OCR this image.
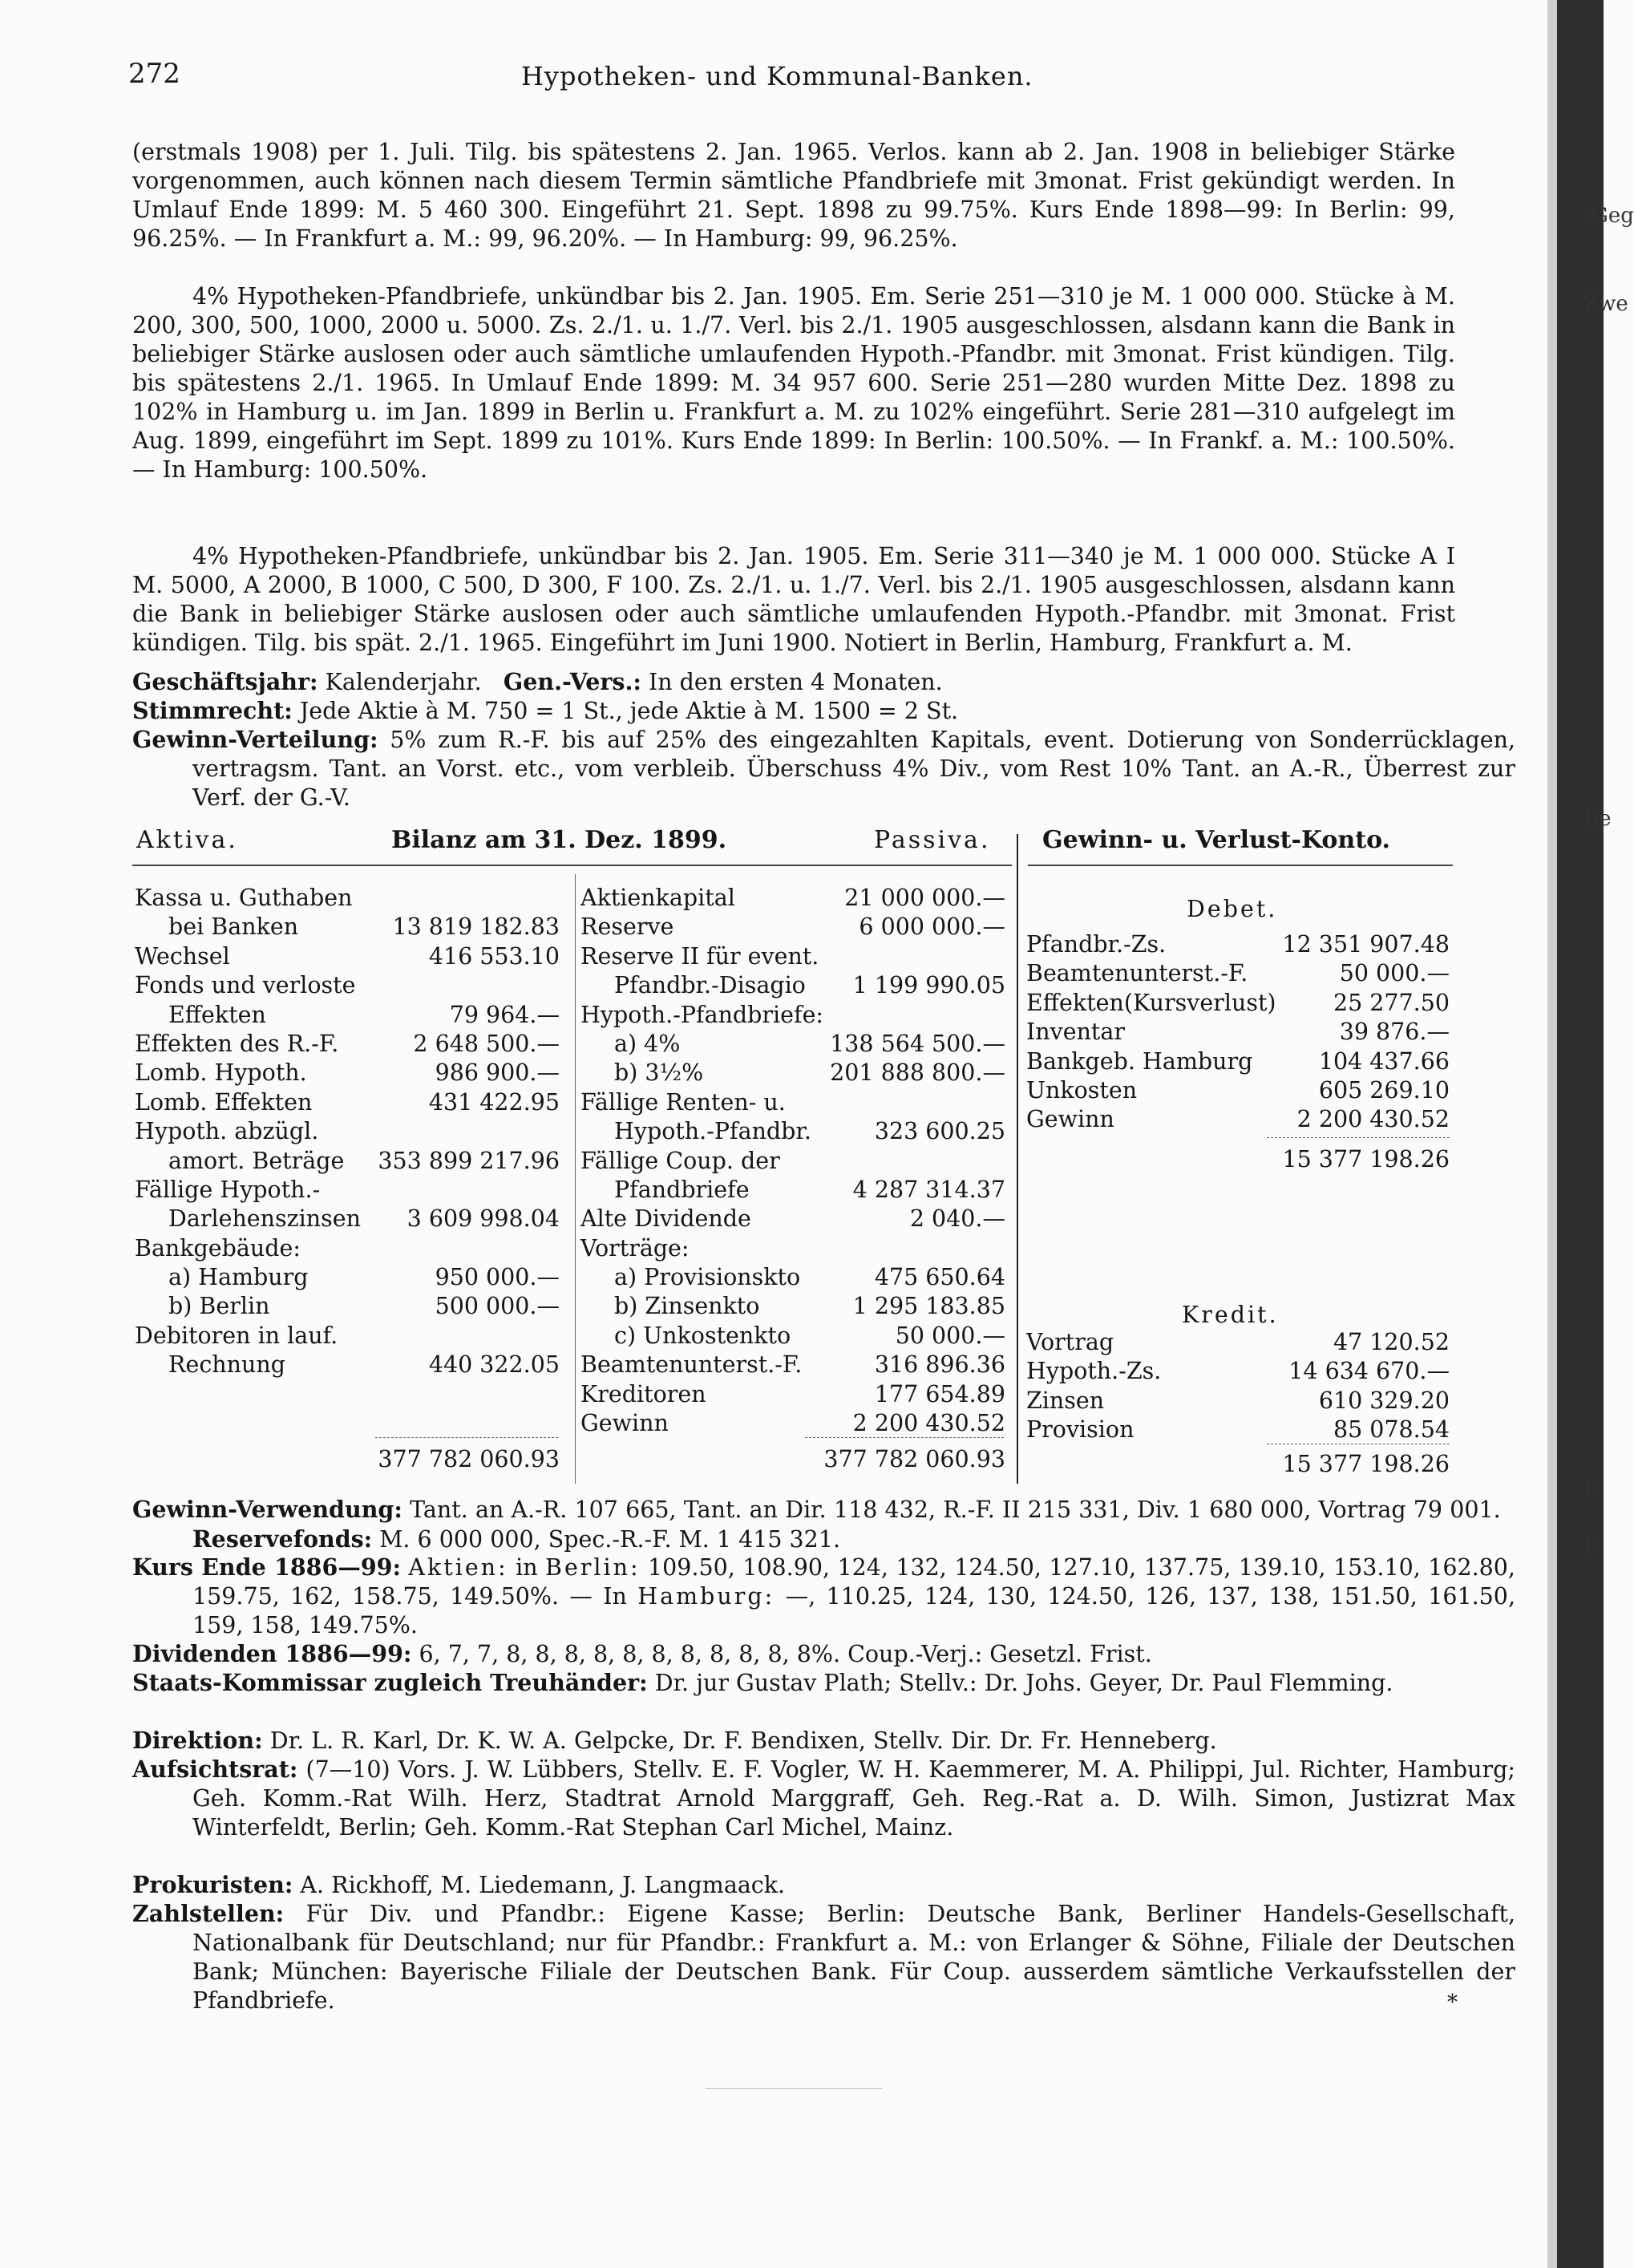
(Geg
Zwe
Be
K
P
272	Hypotheken- und Kommunal-Banken.
(erstmals 1908) per 1. Juli. Tilg. bis spätestens 2. Jan. 1965. Verlos. kann ab 2. Jan. 1908 in beliebiger Stärke vorgenommen, auch können nach diesem Termin sämtliche Pfandbriefe mit 3monat. Frist gekündigt werden. In Umlauf Ende 1899: M. 5 460 300. Eingeführt 21. Sept. 1898 zu 99.75%. Kurs Ende 1898—99: In Berlin: 99, 96.25%. — In Frankfurt a. M.: 99, 96.20%. — In Hamburg: 99, 96.25%.
4% Hypotheken-Pfandbriefe, unkündbar bis 2. Jan. 1905. Em. Serie 251—310 je M. 1 000 000. Stücke à M. 200, 300, 500, 1000, 2000 u. 5000. Zs. 2./1. u. 1./7. Verl. bis 2./1. 1905 ausgeschlossen, alsdann kann die Bank in beliebiger Stärke auslosen oder auch sämtliche umlaufenden Hypoth.-Pfandbr. mit 3monat. Frist kündigen. Tilg. bis spätestens 2./1. 1965. In Umlauf Ende 1899: M. 34 957 600. Serie 251—280 wurden Mitte Dez. 1898 zu 102% in Hamburg u. im Jan. 1899 in Berlin u. Frankfurt a. M. zu 102% eingeführt. Serie 281—310 aufgelegt im Aug. 1899, eingeführt im Sept. 1899 zu 101%. Kurs Ende 1899: In Berlin: 100.50%. — In Frankf. a. M.: 100.50%. — In Hamburg: 100.50%.
4% Hypotheken-Pfandbriefe, unkündbar bis 2. Jan. 1905. Em. Serie 311—340 je M. 1 000 000. Stücke A I M. 5000, A 2000, B 1000, C 500, D 300, F 100. Zs. 2./1. u. 1./7. Verl. bis 2./1. 1905 ausgeschlossen, alsdann kann die Bank in beliebiger Stärke auslosen oder auch sämtliche umlaufenden Hypoth.-Pfandbr. mit 3monat. Frist kündigen. Tilg. bis spät. 2./1. 1965. Eingeführt im Juni 1900. Notiert in Berlin, Hamburg, Frankfurt a. M.
Geschäftsjahr: Kalenderjahr. Gen.-Vers.: In den ersten 4 Monaten.
Stimmrecht: Jede Aktie à M. 750 = 1 St., jede Aktie à M. 1500 = 2 St.
Gewinn-Verteilung: 5% zum R.-F. bis auf 25% des eingezahlten Kapitals, event. Dotierung von Sonderrücklagen, vertragsm. Tant. an Vorst. etc., vom verbleib. Überschuss 4% Div., vom Rest 10% Tant. an A.-R., Überrest zur Verf. der G.-V.
Aktiva.	Bilanz am 31. Dez. 1899.	Passiva. Gewinn- u. Verlust-Konto.
Kassa u. Guthaben
bei Banken	13 819 182.83
Wechsel	416 553.10
Fonds und verloste
Effekten	79 964.—
Effekten des R.-F.	2 648 500.—
Lomb. Hypoth.	986 900.—
Lomb. Effekten	431 422.95
Hypoth. abzügl.
amort. Beträge 353 899 217.96
Fällige Hypoth.-
Darlehenszinsen 3 609 998.04
Bankgebäude:
a) Hamburg	950 000.—
b) Berlin	500 000.—
Debitoren in lauf.
Rechnung	440 322.05
Aktienkapital	21 000 000.—
Reserve	6 000 000.—
Reserve II für event.
Pfandbr.-Disagio 1 199 990.05
Hypoth.-Pfandbriefe:
a) 4%	138 564 500.—
b) 3½%	201 888 800.—
Fällige Renten- u.
Hypoth.-Pfandbr.	323 600.25
Fällige Coup. der
Pfandbriefe	4 287 314.37
Alte Dividende	2 040.—
Vorträge:
a) Provisionskto	475 650.64
b) Zinsenkto	1 295 183.85
c) Unkostenkto	50 000.—
Beamtenunterst.-F.	316 896.36
Kreditoren	177 654.89
Gewinn	2 200 430.52
377 782 060.93	377 782 060.93
Debet.
Pfandbr.-Zs.	12 351 907.48
Beamtenunterst.-F.	50 000.—
Effekten(Kursverlust)	25 277.50
Inventar	39 876.—
Bankgeb. Hamburg	104 437.66
Unkosten	605 269.10
Gewinn	2 200 430.52
15 377 198.26
Kredit.
Vortrag	47 120.52
Hypoth.-Zs.	14 634 670.—
Zinsen	610 329.20
Provision	85 078.54
15 377 198.26
Gewinn-Verwendung: Tant. an A.-R. 107 665, Tant. an Dir. 118 432, R.-F. II 215 331, Div. 1 680 000, Vortrag 79 001.   Reservefonds: M. 6 000 000, Spec.-R.-F. M. 1 415 321.
Kurs Ende 1886—99: Aktien: in Berlin: 109.50, 108.90, 124, 132, 124.50, 127.10, 137.75, 139.10, 153.10, 162.80, 159.75, 162, 158.75, 149.50%. — In Hamburg: —, 110.25, 124, 130, 124.50, 126, 137, 138, 151.50, 161.50, 159, 158, 149.75%.
Dividenden 1886—99: 6, 7, 7, 8, 8, 8, 8, 8, 8, 8, 8, 8, 8, 8%. Coup.-Verj.: Gesetzl. Frist.
Staats-Kommissar zugleich Treuhänder: Dr. jur Gustav Plath; Stellv.: Dr. Johs. Geyer, Dr. Paul Flemming.
Direktion: Dr. L. R. Karl, Dr. K. W. A. Gelpcke, Dr. F. Bendixen, Stellv. Dir. Dr. Fr. Henneberg.
Aufsichtsrat: (7—10) Vors. J. W. Lübbers, Stellv. E. F. Vogler, W. H. Kaemmerer, M. A. Philippi, Jul. Richter, Hamburg; Geh. Komm.-Rat Wilh. Herz, Stadtrat Arnold Marggraff, Geh. Reg.-Rat a. D. Wilh. Simon, Justizrat Max Winterfeldt, Berlin; Geh. Komm.-Rat Stephan Carl Michel, Mainz.
Prokuristen: A. Rickhoff, M. Liedemann, J. Langmaack.
Zahlstellen: Für Div. und Pfandbr.: Eigene Kasse; Berlin: Deutsche Bank, Berliner Handels-Gesellschaft, Nationalbank für Deutschland; nur für Pfandbr.: Frankfurt a. M.: von Erlanger & Söhne, Filiale der Deutschen Bank; München: Bayerische Filiale der Deutschen Bank. Für Coup. ausserdem sämtliche Verkaufsstellen der Pfandbriefe.	*
